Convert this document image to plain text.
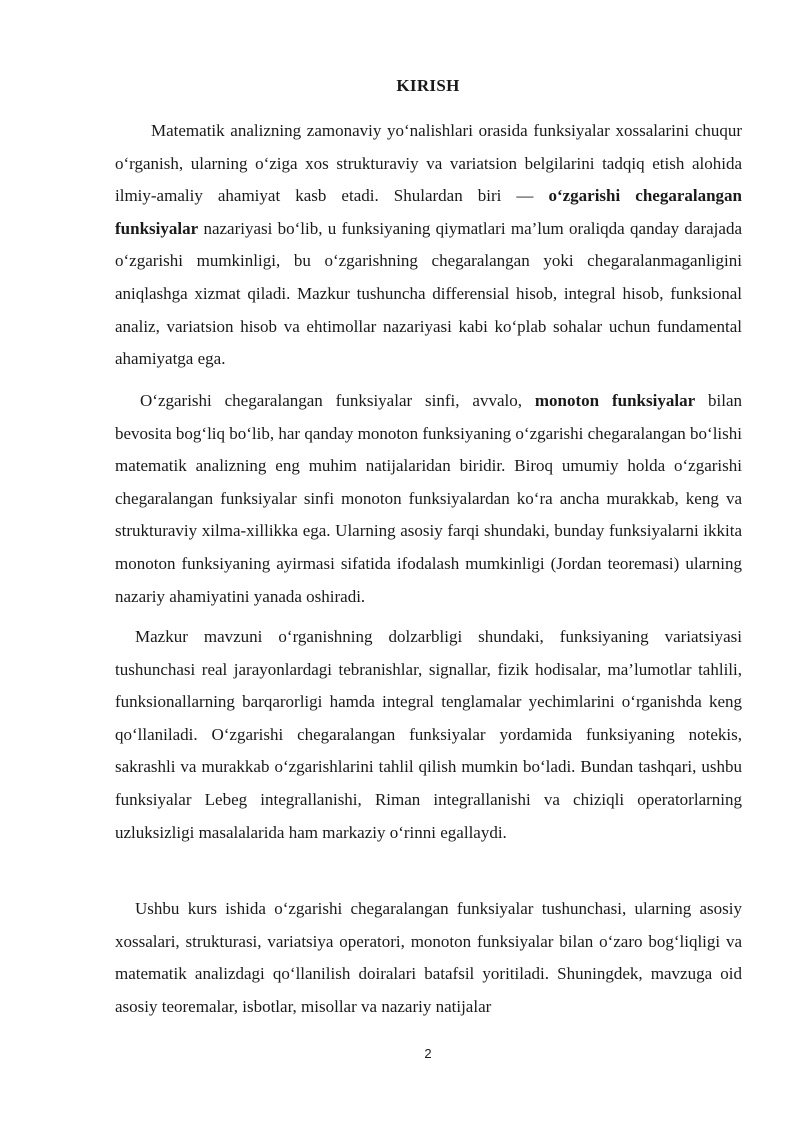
KIRISH

Matematik analizning zamonaviy yo‘nalishlari orasida funksiyalar xossalarini chuqur o‘rganish, ularning o‘ziga xos strukturaviy va variatsion belgilarini tadqiq etish alohida ilmiy-amaliy ahamiyat kasb etadi. Shulardan biri — o‘zgarishi chegaralangan funksiyalar nazariyasi bo‘lib, u funksiyaning qiymatlari ma’lum oraliqda qanday darajada o‘zgarishi mumkinligi, bu o‘zgarishning chegaralangan yoki chegaralanmaganligini aniqlashga xizmat qiladi. Mazkur tushuncha differensial hisob, integral hisob, funksional analiz, variatsion hisob va ehtimollar nazariyasi kabi ko‘plab sohalar uchun fundamental ahamiyatga ega.

O‘zgarishi chegaralangan funksiyalar sinfi, avvalo, monoton funksiyalar bilan bevosita bog‘liq bo‘lib, har qanday monoton funksiyaning o‘zgarishi chegaralangan bo‘lishi matematik analizning eng muhim natijalaridan biridir. Biroq umumiy holda o‘zgarishi chegaralangan funksiyalar sinfi monoton funksiyalardan ko‘ra ancha murakkab, keng va strukturaviy xilma-xillikka ega. Ularning asosiy farqi shundaki, bunday funksiyalarni ikkita monoton funksiyaning ayirmasi sifatida ifodalash mumkinligi (Jordan teoremasi) ularning nazariy ahamiyatini yanada oshiradi.

Mazkur mavzuni o‘rganishning dolzarbligi shundaki, funksiyaning variatsiyasi tushunchasi real jarayonlardagi tebranishlar, signallar, fizik hodisalar, ma’lumotlar tahlili, funksionallarning barqarorligi hamda integral tenglamalar yechimlarini o‘rganishda keng qo‘llaniladi. O‘zgarishi chegaralangan funksiyalar yordamida funksiyaning notekis, sakrashli va murakkab o‘zgarishlarini tahlil qilish mumkin bo‘ladi. Bundan tashqari, ushbu funksiyalar Lebeg integrallanishi, Riman integrallanishi va chiziqli operatorlarning uzluksizligi masalalarida ham markaziy o‘rinni egallaydi.

Ushbu kurs ishida o‘zgarishi chegaralangan funksiyalar tushunchasi, ularning asosiy xossalari, strukturasi, variatsiya operatori, monoton funksiyalar bilan o‘zaro bog‘liqligi va matematik analizdagi qo‘llanilish doiralari batafsil yoritiladi. Shuningdek, mavzuga oid asosiy teoremalar, isbotlar, misollar va nazariy natijalar

2
